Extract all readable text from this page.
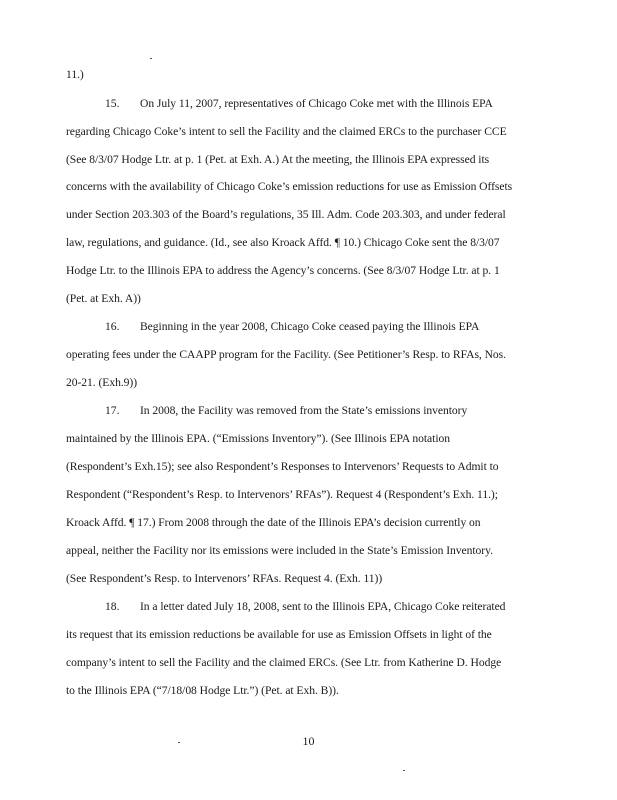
11.)
15. On July 11, 2007, representatives of Chicago Coke met with the Illinois EPA
regarding Chicago Coke’s intent to sell the Facility and the claimed ERCs to the purchaser CCE
(See 8/3/07 Hodge Ltr. at p. 1 (Pet. at Exh. A.) At the meeting, the Illinois EPA expressed its
concerns with the availability of Chicago Coke’s emission reductions for use as Emission Offsets
under Section 203.303 of the Board’s regulations, 35 Ill. Adm. Code 203.303, and under federal
law, regulations, and guidance. (Id., see also Kroack Affd. ¶ 10.) Chicago Coke sent the 8/3/07
Hodge Ltr. to the Illinois EPA to address the Agency’s concerns. (See 8/3/07 Hodge Ltr. at p. 1
(Pet. at Exh. A))
16. Beginning in the year 2008, Chicago Coke ceased paying the Illinois EPA
operating fees under the CAAPP program for the Facility. (See Petitioner’s Resp. to RFAs, Nos.
20-21. (Exh.9))
17. In 2008, the Facility was removed from the State’s emissions inventory
maintained by the Illinois EPA. (“Emissions Inventory”). (See Illinois EPA notation
(Respondent’s Exh.15); see also Respondent’s Responses to Intervenors’ Requests to Admit to
Respondent (“Respondent’s Resp. to Intervenors’ RFAs”). Request 4 (Respondent’s Exh. 11.);
Kroack Affd. ¶ 17.) From 2008 through the date of the Illinois EPA’s decision currently on
appeal, neither the Facility nor its emissions were included in the State’s Emission Inventory.
(See Respondent’s Resp. to Intervenors’ RFAs. Request 4. (Exh. 11))
18. In a letter dated July 18, 2008, sent to the Illinois EPA, Chicago Coke reiterated
its request that its emission reductions be available for use as Emission Offsets in light of the
company’s intent to sell the Facility and the claimed ERCs. (See Ltr. from Katherine D. Hodge
to the Illinois EPA (“7/18/08 Hodge Ltr.”) (Pet. at Exh. B)).
10
